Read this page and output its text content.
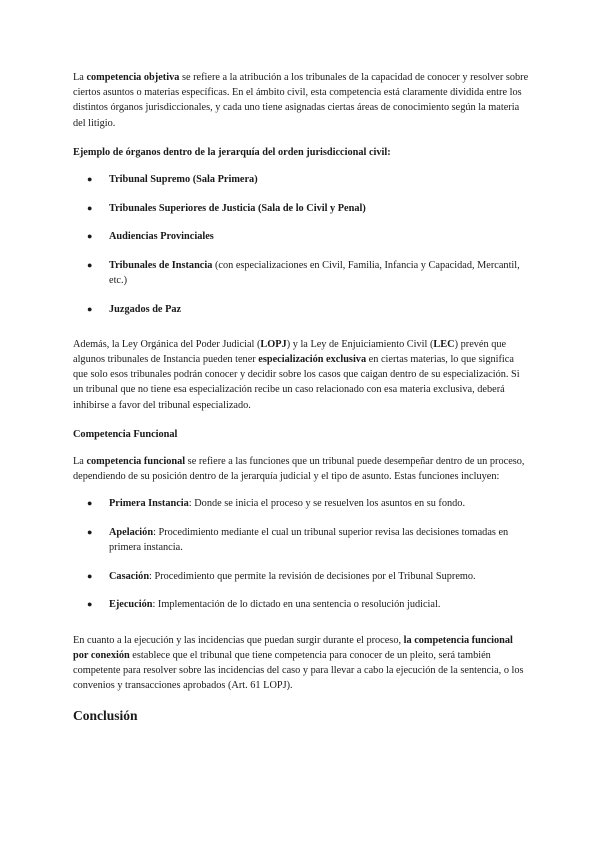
La competencia objetiva se refiere a la atribución a los tribunales de la capacidad de conocer y resolver sobre ciertos asuntos o materias específicas. En el ámbito civil, esta competencia está claramente dividida entre los distintos órganos jurisdiccionales, y cada uno tiene asignadas ciertas áreas de conocimiento según la materia del litigio.

Ejemplo de órganos dentro de la jerarquía del orden jurisdiccional civil:

● Tribunal Supremo (Sala Primera)
● Tribunales Superiores de Justicia (Sala de lo Civil y Penal)
● Audiencias Provinciales
● Tribunales de Instancia (con especializaciones en Civil, Familia, Infancia y Capacidad, Mercantil, etc.)
● Juzgados de Paz

Además, la Ley Orgánica del Poder Judicial (LOPJ) y la Ley de Enjuiciamiento Civil (LEC) prevén que algunos tribunales de Instancia pueden tener especialización exclusiva en ciertas materias, lo que significa que solo esos tribunales podrán conocer y decidir sobre los casos que caigan dentro de su especialización. Si un tribunal que no tiene esa especialización recibe un caso relacionado con esa materia exclusiva, deberá inhibirse a favor del tribunal especializado.

Competencia Funcional

La competencia funcional se refiere a las funciones que un tribunal puede desempeñar dentro de un proceso, dependiendo de su posición dentro de la jerarquía judicial y el tipo de asunto. Estas funciones incluyen:

● Primera Instancia: Donde se inicia el proceso y se resuelven los asuntos en su fondo.
● Apelación: Procedimiento mediante el cual un tribunal superior revisa las decisiones tomadas en primera instancia.
● Casación: Procedimiento que permite la revisión de decisiones por el Tribunal Supremo.
● Ejecución: Implementación de lo dictado en una sentencia o resolución judicial.

En cuanto a la ejecución y las incidencias que puedan surgir durante el proceso, la competencia funcional por conexión establece que el tribunal que tiene competencia para conocer de un pleito, será también competente para resolver sobre las incidencias del caso y para llevar a cabo la ejecución de la sentencia, o los convenios y transacciones aprobados (Art. 61 LOPJ).

Conclusión
